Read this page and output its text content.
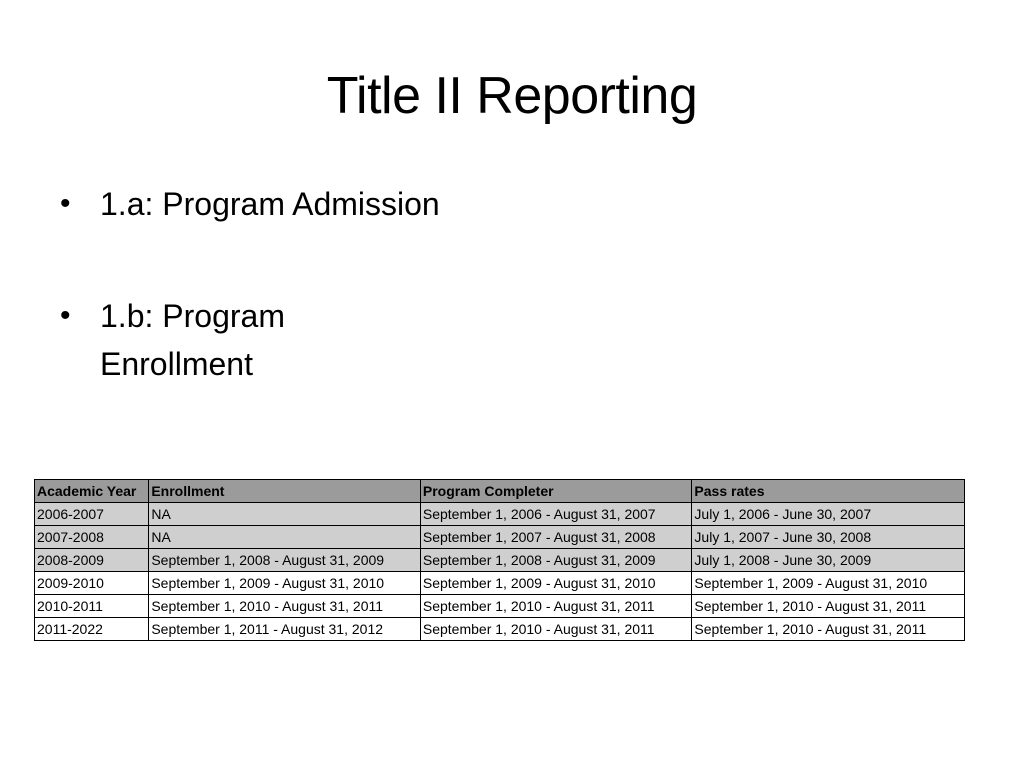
Title II Reporting
• 1.a: Program Admission
• 1.b: Program Enrollment
Academic Year	Enrollment	Program Completer	Pass rates
2006-2007	NA	September 1, 2006 - August 31, 2007	July 1, 2006 - June 30, 2007
2007-2008	NA	September 1, 2007 - August 31, 2008	July 1, 2007 - June 30, 2008
2008-2009	September 1, 2008 - August 31, 2009	September 1, 2008 - August 31, 2009	July 1, 2008 - June 30, 2009
2009-2010	September 1, 2009 - August 31, 2010	September 1, 2009 - August 31, 2010	September 1, 2009 - August 31, 2010
2010-2011	September 1, 2010 - August 31, 2011	September 1, 2010 - August 31, 2011	September 1, 2010 - August 31, 2011
2011-2022	September 1, 2011 - August 31, 2012	September 1, 2010 - August 31, 2011	September 1, 2010 - August 31, 2011
